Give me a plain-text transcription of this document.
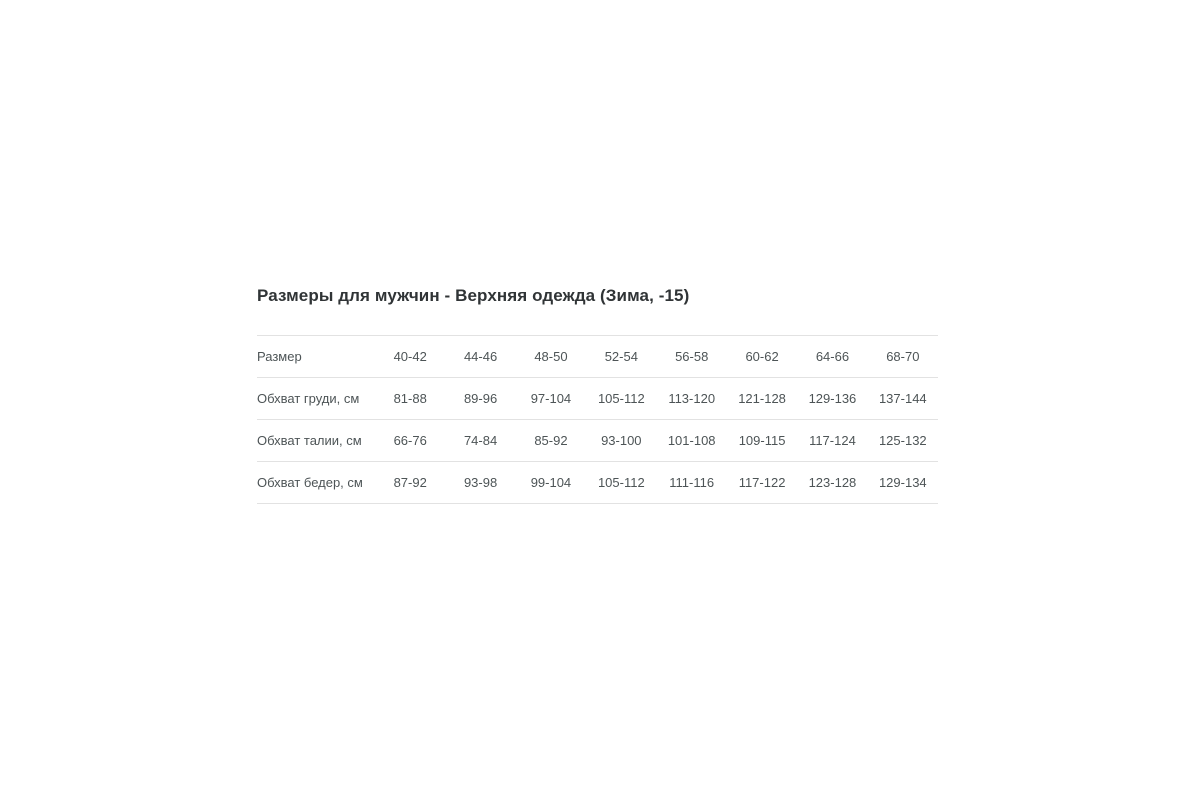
Размеры для мужчин - Верхняя одежда (Зима, -15)
Размер	40-42	44-46	48-50	52-54	56-58	60-62	64-66	68-70
Обхват груди, см	81-88	89-96	97-104	105-112	113-120	121-128	129-136	137-144
Обхват талии, см	66-76	74-84	85-92	93-100	101-108	109-115	117-124	125-132
Обхват бедер, см	87-92	93-98	99-104	105-112	111-116	117-122	123-128	129-134
